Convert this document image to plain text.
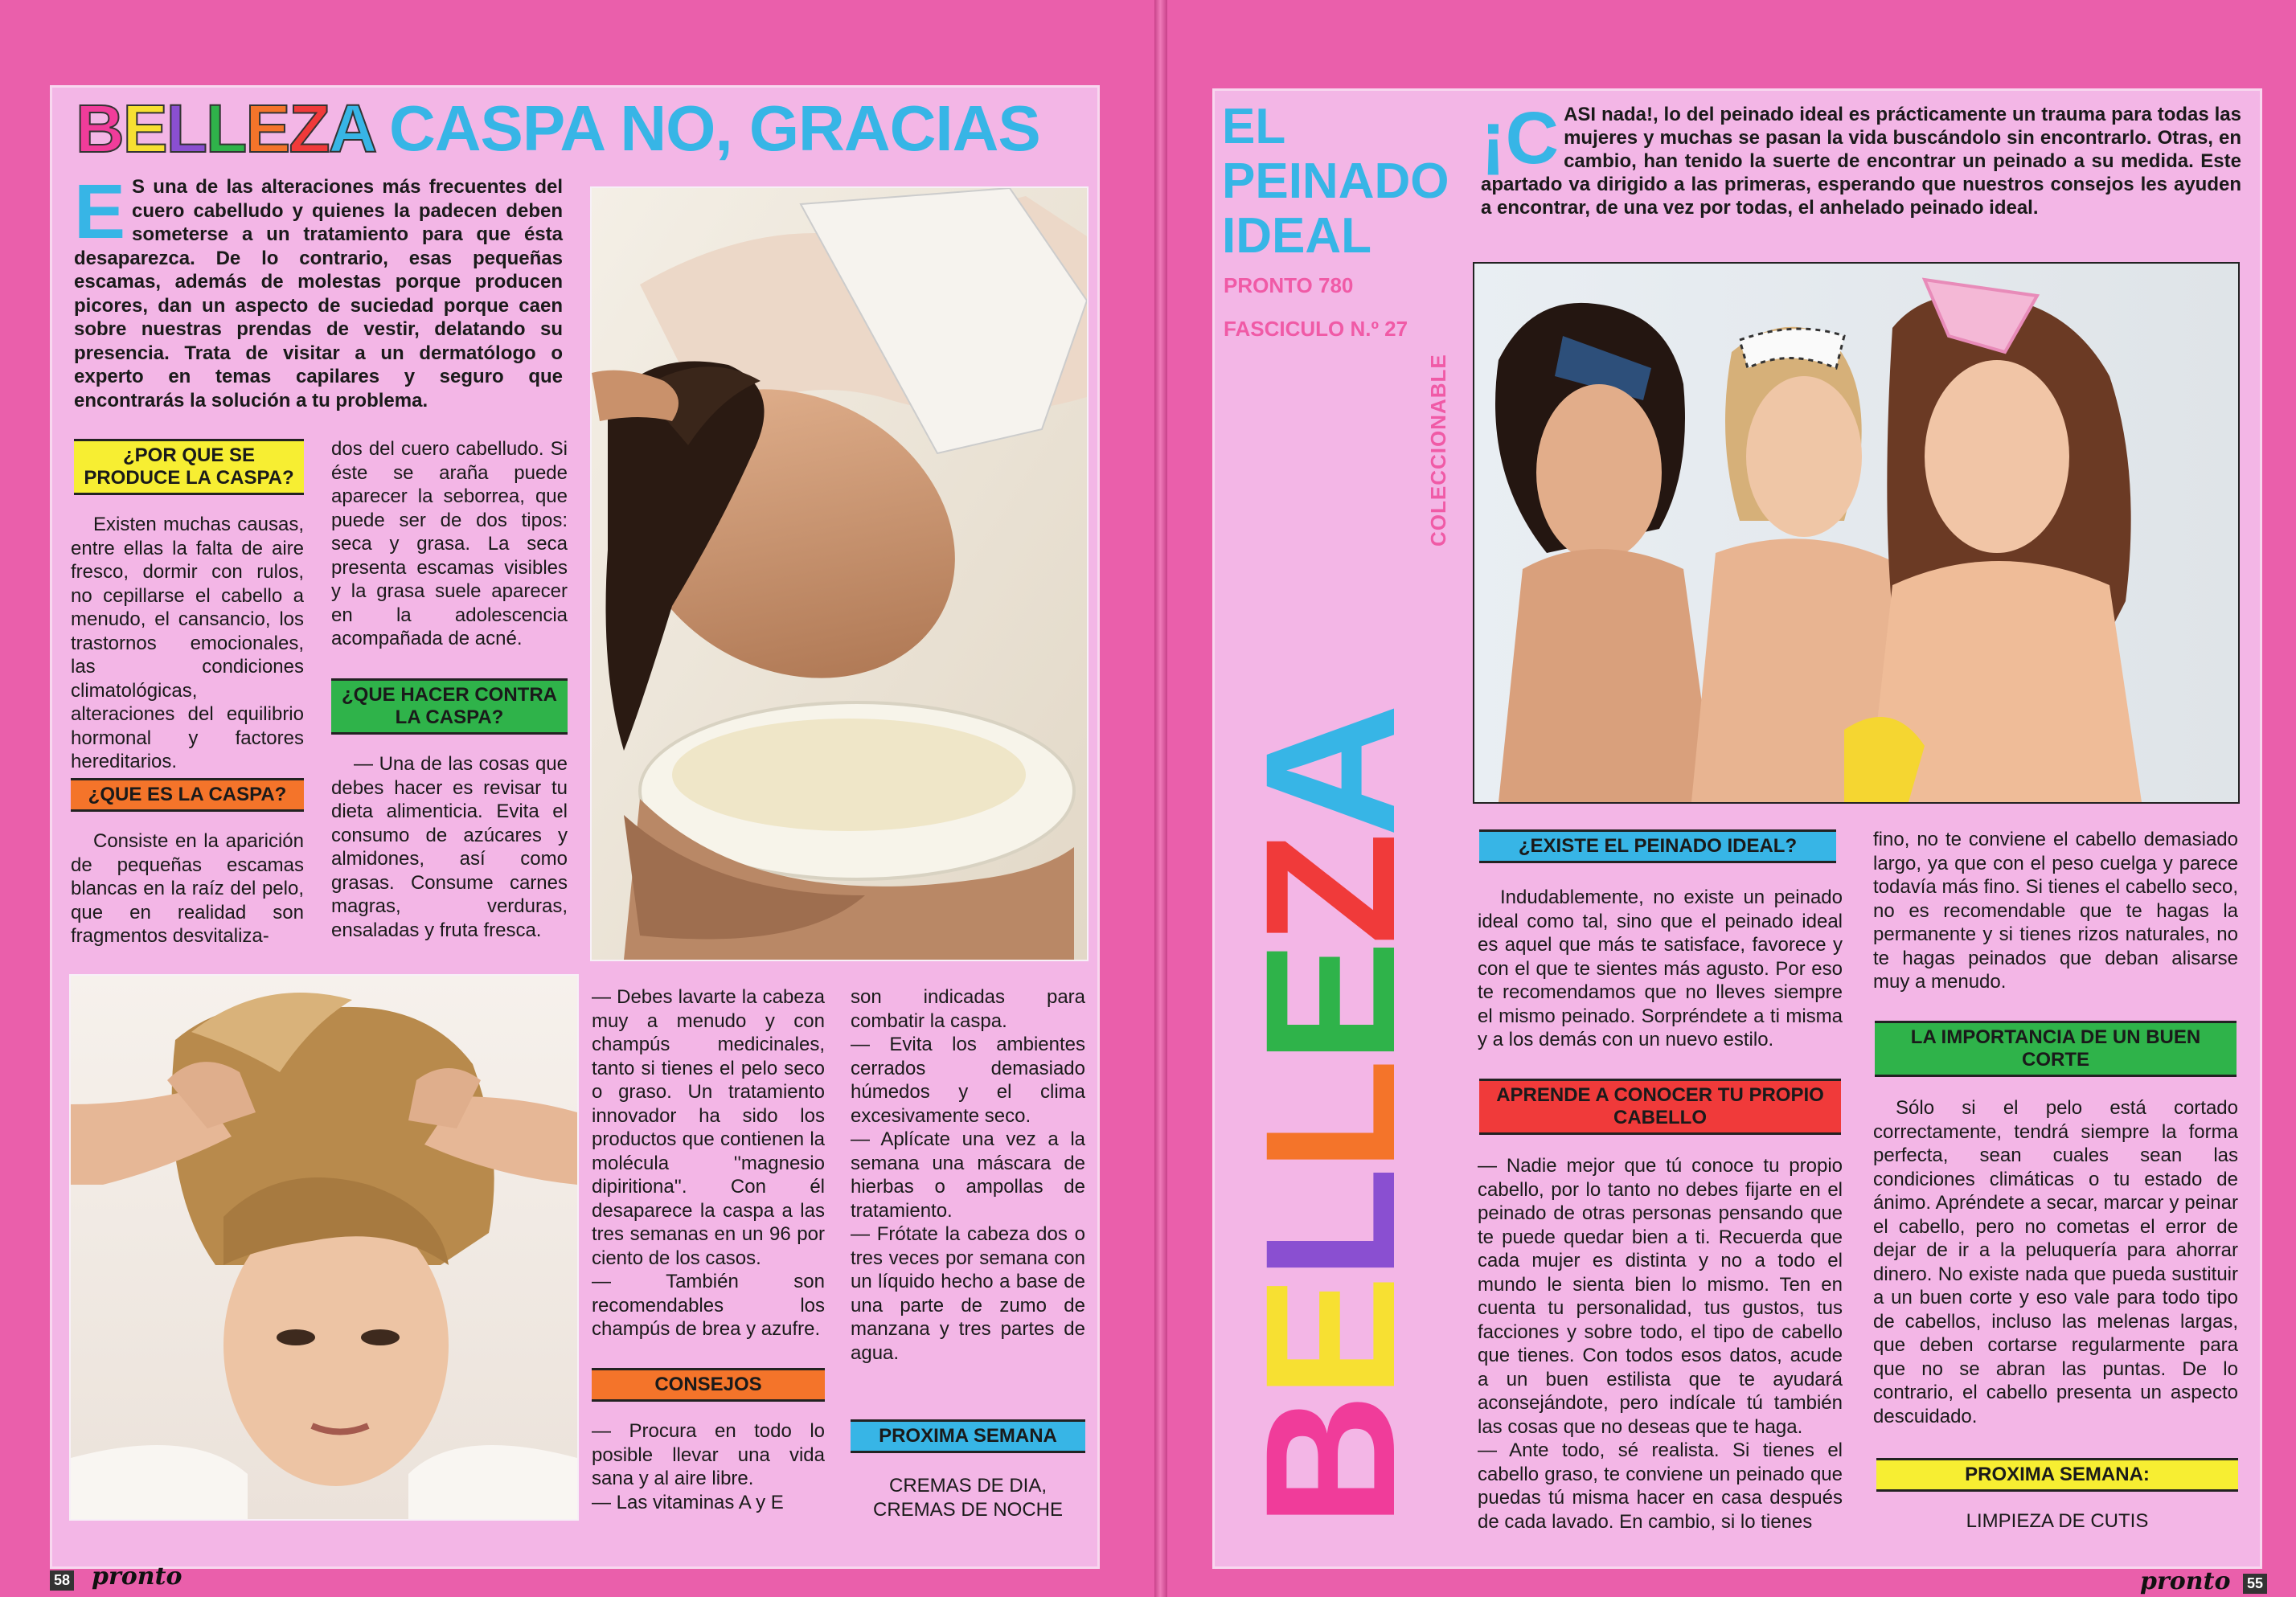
BELLEZA CASPA NO, GRACIAS
E S una de las alteraciones más frecuentes del cuero cabelludo y quienes la padecen deben someterse a un tratamiento para que ésta desaparezca. De lo contrario, esas pequeñas escamas, además de molestas porque producen picores, dan un aspecto de suciedad porque caen sobre nuestras prendas de vestir, delatando su presencia. Trata de visitar a un dermatólogo o experto en temas capilares y seguro que encontrarás la solución a tu problema.
¿POR QUE SE PRODUCE LA CASPA?
Existen muchas causas, entre ellas la falta de aire fresco, dormir con rulos, no cepillarse el cabello a menudo, el cansancio, los trastornos emocionales, las condiciones climatológicas, alteraciones del equilibrio hormonal y factores hereditarios.
¿QUE ES LA CASPA?
Consiste en la aparición de pequeñas escamas blancas en la raíz del pelo, que en realidad son fragmentos desvitaliza-
dos del cuero cabelludo. Si éste se araña puede aparecer la seborrea, que puede ser de dos tipos: seca y grasa. La seca presenta escamas visibles y la grasa suele aparecer en la adolescencia acompañada de acné.
¿QUE HACER CONTRA LA CASPA?
— Una de las cosas que debes hacer es revisar tu dieta alimenticia. Evita el consumo de azúcares y almidones, así como grasas. Consume carnes magras, verduras, ensaladas y fruta fresca.
— Debes lavarte la cabeza muy a menudo y con champús medicinales, tanto si tienes el pelo seco o graso. Un tratamiento innovador ha sido los productos que contienen la molécula ''magnesio dipiritiona''. Con él desaparece la caspa a las tres semanas en un 96 por ciento de los casos.
— También son recomendables los champús de brea y azufre.
CONSEJOS
— Procura en todo lo posible llevar una vida sana y al aire libre.
— Las vitaminas A y E
son indicadas para combatir la caspa.
— Evita los ambientes cerrados demasiado húmedos y el clima excesivamente seco.
— Aplícate una vez a la semana una máscara de hierbas o ampollas de tratamiento.
— Frótate la cabeza dos o tres veces por semana con un líquido hecho a base de una parte de zumo de manzana y tres partes de agua.
PROXIMA SEMANA
CREMAS DE DIA, CREMAS DE NOCHE
58 pronto
EL
PEINADO
IDEAL
PRONTO 780
FASCICULO N.º 27
COLECCIONABLE
BELLEZA
¡C ASI nada!, lo del peinado ideal es prácticamente un trauma para todas las mujeres y muchas se pasan la vida buscándolo sin encontrarlo. Otras, en cambio, han tenido la suerte de encontrar un peinado a su medida. Este apartado va dirigido a las primeras, esperando que nuestros consejos les ayuden a encontrar, de una vez por todas, el anhelado peinado ideal.
¿EXISTE EL PEINADO IDEAL?
Indudablemente, no existe un peinado ideal como tal, sino que el peinado ideal es aquel que más te satisface, favorece y con el que te sientes más agusto. Por eso te recomendamos que no lleves siempre el mismo peinado. Sorpréndete a ti misma y a los demás con un nuevo estilo.
APRENDE A CONOCER TU PROPIO CABELLO
— Nadie mejor que tú conoce tu propio cabello, por lo tanto no debes fijarte en el peinado de otras personas pensando que te puede quedar bien a ti. Recuerda que cada mujer es distinta y no a todo el mundo le sienta bien lo mismo. Ten en cuenta tu personalidad, tus gustos, tus facciones y sobre todo, el tipo de cabello que tienes. Con todos esos datos, acude a un buen estilista que te ayudará aconsejándote, pero indícale tú también las cosas que no deseas que te haga.
— Ante todo, sé realista. Si tienes el cabello graso, te conviene un peinado que puedas tú misma hacer en casa después de cada lavado. En cambio, si lo tienes
fino, no te conviene el cabello demasiado largo, ya que con el peso cuelga y parece todavía más fino. Si tienes el cabello seco, no es recomendable que te hagas la permanente y si tienes rizos naturales, no te hagas peinados que deban alisarse muy a menudo.
LA IMPORTANCIA DE UN BUEN CORTE
Sólo si el pelo está cortado correctamente, tendrá siempre la forma perfecta, sean cuales sean las condiciones climáticas o tu estado de ánimo. Apréndete a secar, marcar y peinar el cabello, pero no cometas el error de dejar de ir a la peluquería para ahorrar dinero. No existe nada que pueda sustituir a un buen corte y eso vale para todo tipo de cabellos, incluso las melenas largas, que deben cortarse regularmente para que no se abran las puntas. De lo contrario, el cabello presenta un aspecto descuidado.
PROXIMA SEMANA:
LIMPIEZA DE CUTIS
pronto 55
